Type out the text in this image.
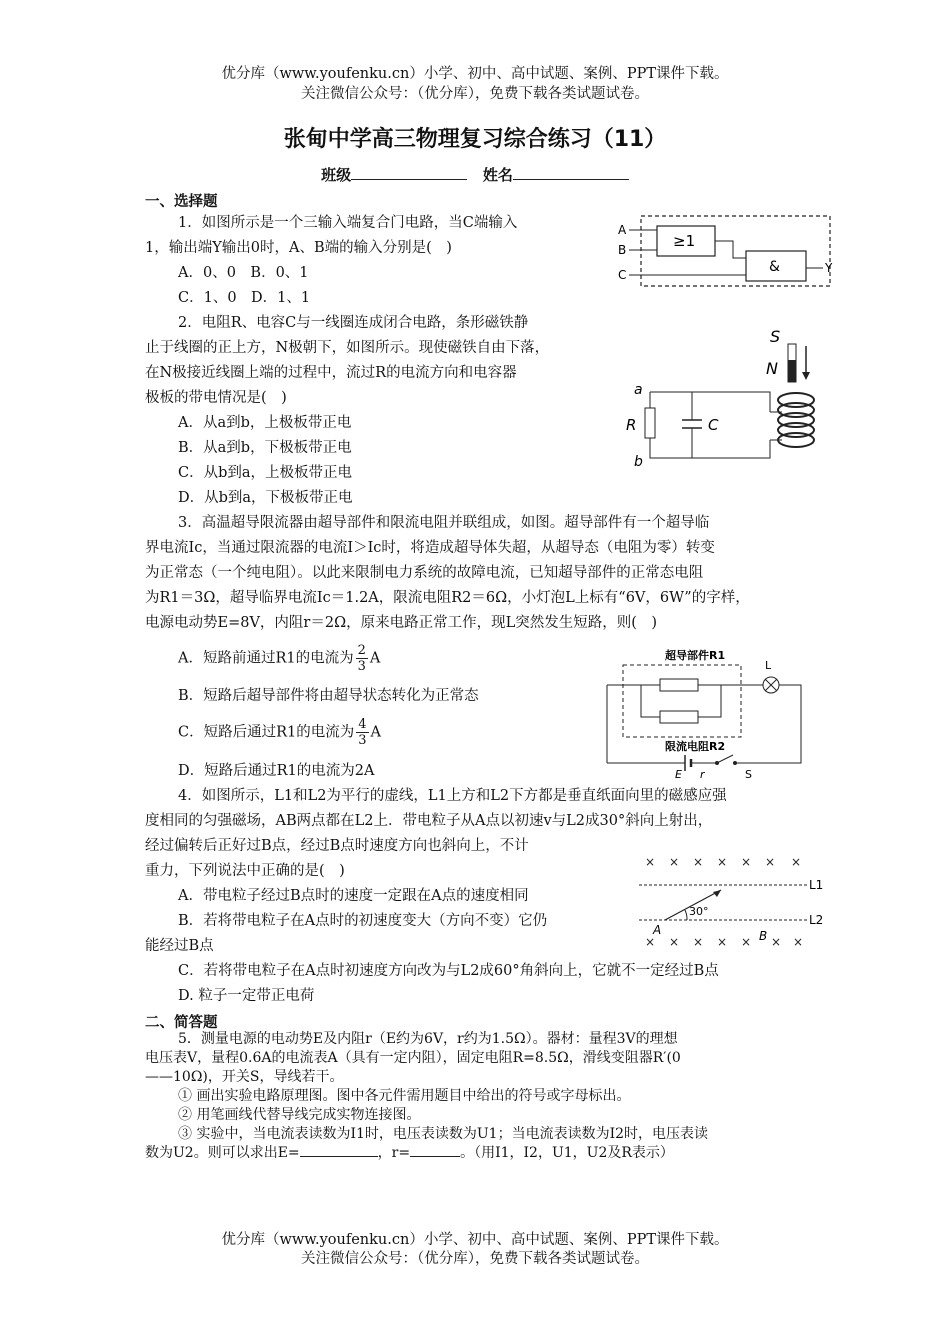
优分库（www.youfenku.cn）小学、初中、高中试题、案例、PPT课件下载。
关注微信公众号：（优分库），免费下载各类试题试卷。
张甸中学高三物理复习综合练习（11）
班级	姓名
一、选择题
1．如图所示是一个三输入端复合门电路，当C端输入
1，输出端Y输出0时，A、B端的输入分别是(　)
A．0、0　B．0、1
C．1、0　D．1、1
A
B
C
≥1
&	Y
2．电阻R、电容C与一线圈连成闭合电路，条形磁铁静
止于线圈的正上方，N极朝下，如图所示。现使磁铁自由下落，
在N极接近线圈上端的过程中，流过R的电流方向和电容器
极板的带电情况是(　)
A．从a到b，上极板带正电
B．从a到b，下极板带正电
C．从b到a，上极板带正电
D．从b到a，下极板带正电
S
N
a
b
R	C
3．高温超导限流器由超导部件和限流电阻并联组成，如图。超导部件有一个超导临
界电流Ic，当通过限流器的电流I＞Ic时，将造成超导体失超，从超导态（电阻为零）转变
为正常态（一个纯电阻）。以此来限制电力系统的故障电流，已知超导部件的正常态电阻
为R1＝3Ω，超导临界电流Ic＝1.2A，限流电阻R2＝6Ω，小灯泡L上标有“6V，6W”的字样，
电源电动势E=8V，内阻r＝2Ω，原来电路正常工作，现L突然发生短路，则(　)
A．短路前通过R1的电流为 $\frac{2}{3}$ A
B．短路后超导部件将由超导状态转化为正常态
C．短路后通过R1的电流为 $\frac{4}{3}$ A
D．短路后通过R1的电流为2A
超导部件R1
L
限流电阻R2
E r	S
4．如图所示，L1和L2为平行的虚线，L1上方和L2下方都是垂直纸面向里的磁感应强
度相同的匀强磁场，AB两点都在L2上．带电粒子从A点以初速v与L2成30°斜向上射出，
经过偏转后正好过B点，经过B点时速度方向也斜向上，不计
重力，下列说法中正确的是(　)
A．带电粒子经过B点时的速度一定跟在A点的速度相同
B．若将带电粒子在A点时的初速度变大（方向不变）它仍
能经过B点
C．若将带电粒子在A点时初速度方向改为与L2成60°角斜向上，它就不一定经过B点
D. 粒子一定带正电荷
× × × × × × ×
L1
L2
30°
A	B
× × × × × × ×
二、简答题
5．测量电源的电动势E及内阻r（E约为6V，r约为1.5Ω）。器材：量程3V的理想
电压表V，量程0.6A的电流表A（具有一定内阻），固定电阻R=8.5Ω，滑线变阻器R′(0
——10Ω)，开关S，导线若干。
① 画出实验电路原理图。图中各元件需用题目中给出的符号或字母标出。
② 用笔画线代替导线完成实物连接图。
③ 实验中，当电流表读数为I1时，电压表读数为U1；当电流表读数为I2时，电压表读
数为U2。则可以求出E=	，r=	。（用I1，I2，U1，U2及R表示）
优分库（www.youfenku.cn）小学、初中、高中试题、案例、PPT课件下载。
关注微信公众号：（优分库），免费下载各类试题试卷。
